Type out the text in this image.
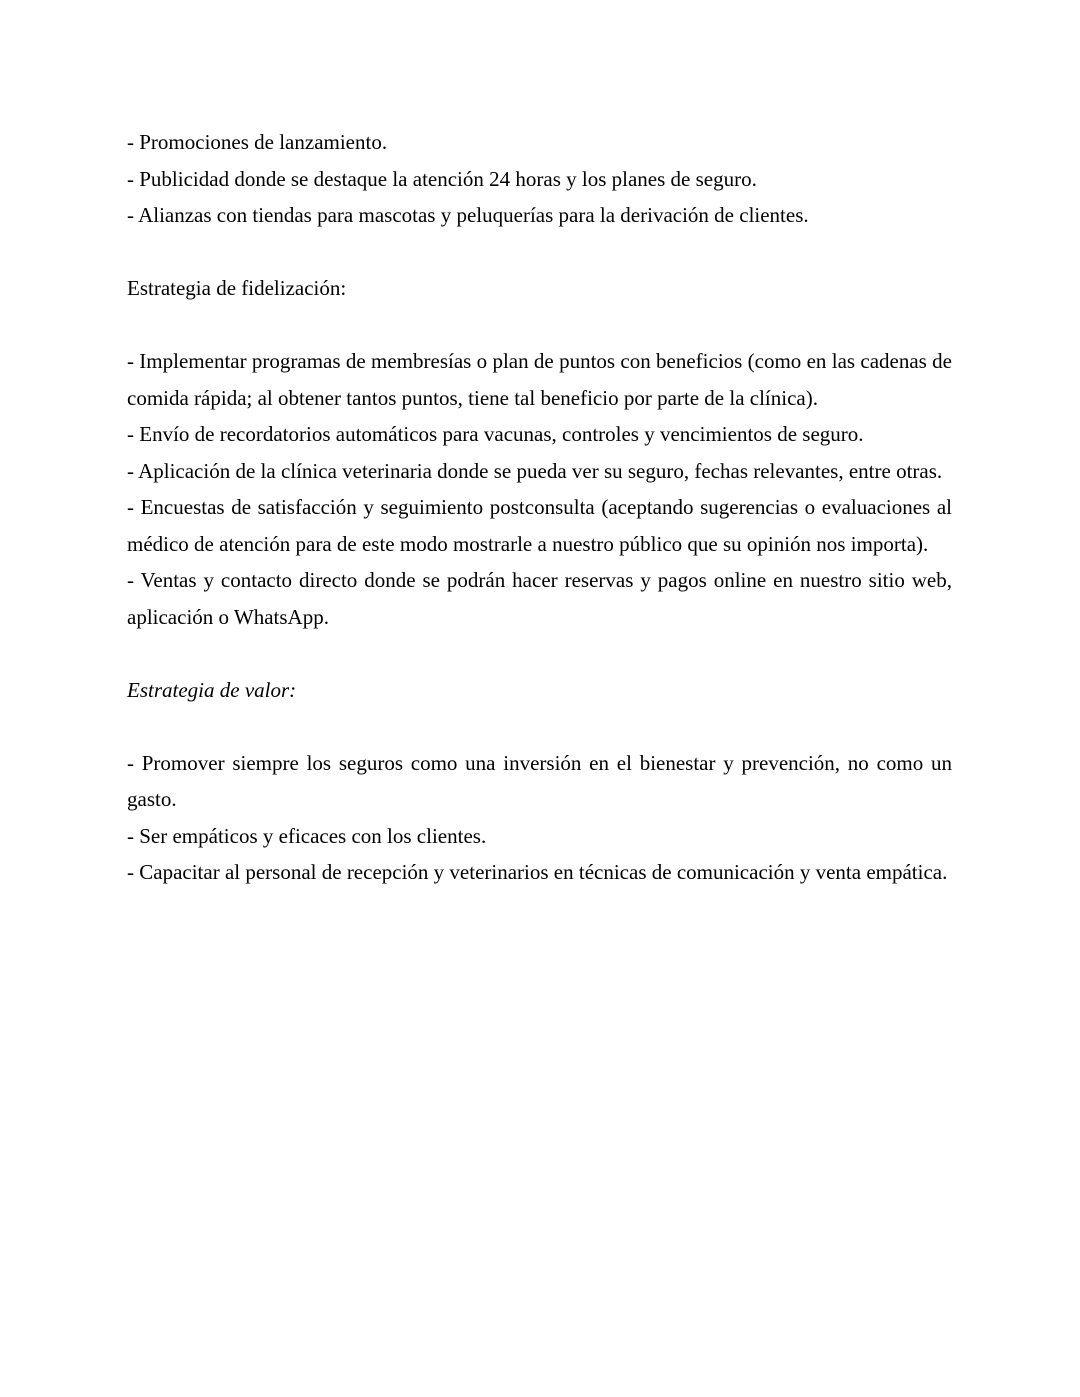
- Promociones de lanzamiento.

- Publicidad donde se destaque la atención 24 horas y los planes de seguro.

- Alianzas con tiendas para mascotas y peluquerías para la derivación de clientes.

Estrategia de fidelización:

- Implementar programas de membresías o plan de puntos con beneficios (como en las cadenas de comida rápida; al obtener tantos puntos, tiene tal beneficio por parte de la clínica).

- Envío de recordatorios automáticos para vacunas, controles y vencimientos de seguro.

- Aplicación de la clínica veterinaria donde se pueda ver su seguro, fechas relevantes, entre otras.

- Encuestas de satisfacción y seguimiento postconsulta (aceptando sugerencias o evaluaciones al médico de atención para de este modo mostrarle a nuestro público que su opinión nos importa).

- Ventas y contacto directo donde se podrán hacer reservas y pagos online en nuestro sitio web, aplicación o WhatsApp.

Estrategia de valor:

- Promover siempre los seguros como una inversión en el bienestar y prevención, no como un gasto.

- Ser empáticos y eficaces con los clientes.

- Capacitar al personal de recepción y veterinarios en técnicas de comunicación y venta empática.
